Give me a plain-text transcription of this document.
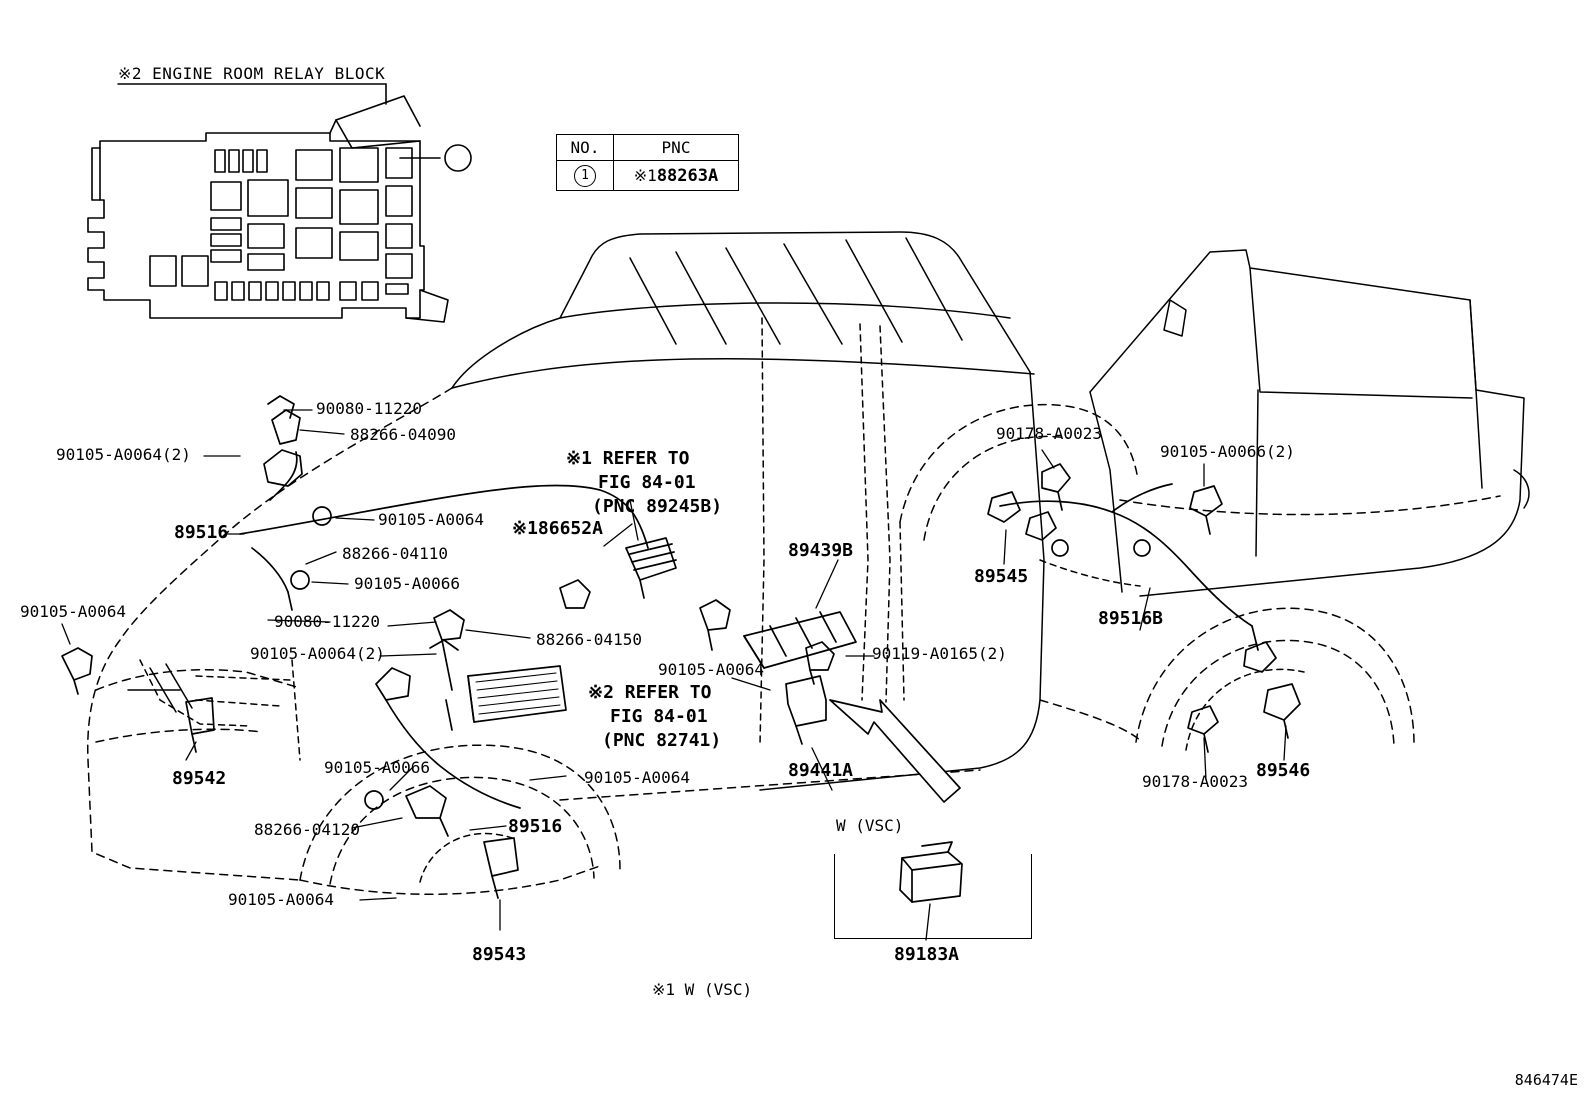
※2 ENGINE ROOM RELAY BLOCK
NO.	PNC
1	※188263A
90080-11220
88266-04090
90105-A0064(2)
89516
90105-A0064
88266-04110
90105-A0066
90105-A0064
90080-11220
90105-A0064(2)
88266-04150
89542
90105-A0066
88266-04120	89516
90105-A0064
89543
90105-A0064
※1 REFER TO
FIG 84-01
(PNC 89245B)
※186652A
89439B
90105-A0064
90119-A0165(2)
※2 REFER TO
FIG 84-01
(PNC 82741)
89441A
90178-A0023
89545
90105-A0066(2)
89516B
90178-A0023
89546
W (VSC)
89183A
※1 W (VSC)
846474E
